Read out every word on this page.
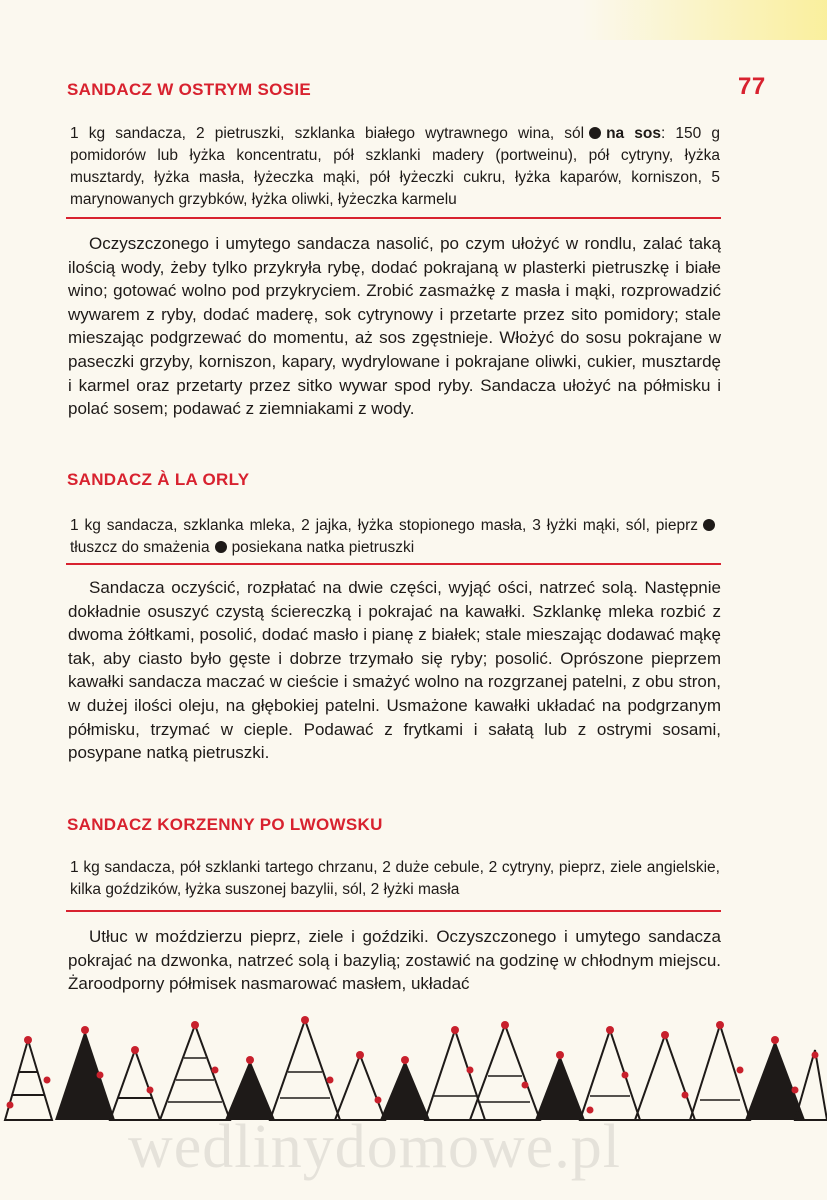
77
SANDACZ W OSTRYM SOSIE
1 kg sandacza, 2 pietruszki, szklanka białego wytrawnego wina, sól na sos: 150 g pomidorów lub łyżka koncentratu, pół szklanki madery (portweinu), pół cytryny, łyżka musztardy, łyżka masła, łyżeczka mąki, pół łyżeczki cukru, łyżka kaparów, korniszon, 5 marynowanych grzybków, łyżka oliwki, łyżeczka karmelu
Oczyszczonego i umytego sandacza nasolić, po czym ułożyć w rondlu, zalać taką ilością wody, żeby tylko przykryła rybę, dodać pokrajaną w plasterki pietruszkę i białe wino; gotować wolno pod przykryciem. Zrobić zasmażkę z masła i mąki, rozprowadzić wywarem z ryby, dodać maderę, sok cytrynowy i przetarte przez sito pomidory; stale mieszając podgrzewać do momentu, aż sos zgęstnieje. Włożyć do sosu pokrajane w paseczki grzyby, korniszon, kapary, wydrylowane i pokrajane oliwki, cukier, musztardę i karmel oraz przetarty przez sitko wywar spod ryby. Sandacza ułożyć na półmisku i polać sosem; podawać z ziemniakami z wody.
SANDACZ À LA ORLY
1 kg sandacza, szklanka mleka, 2 jajka, łyżka stopionego masła, 3 łyżki mąki, sól, pieprztłuszcz do smażenia posiekana natka pietruszki
Sandacza oczyścić, rozpłatać na dwie części, wyjąć ości, natrzeć solą. Następnie dokładnie osuszyć czystą ściereczką i pokrajać na kawałki. Szklankę mleka rozbić z dwoma żółtkami, posolić, dodać masło i pianę z białek; stale mieszając dodawać mąkę tak, aby ciasto było gęste i dobrze trzymało się ryby; posolić. Oprószone pieprzem kawałki sandacza maczać w cieście i smażyć wolno na rozgrzanej patelni, z obu stron, w dużej ilości oleju, na głębokiej patelni. Usmażone kawałki układać na podgrzanym półmisku, trzymać w cieple. Podawać z frytkami i sałatą lub z ostrymi sosami, posypane natką pietruszki.
SANDACZ KORZENNY PO LWOWSKU
1 kg sandacza, pół szklanki tartego chrzanu, 2 duże cebule, 2 cytryny, pieprz, ziele angielskie, kilka goździków, łyżka suszonej bazylii, sól, 2 łyżki masła
Utłuc w moździerzu pieprz, ziele i goździki. Oczyszczonego i umytego sandacza pokrajać na dzwonka, natrzeć solą i bazylią; zostawić na godzinę w chłodnym miejscu. Żaroodporny półmisek nasmarować masłem, układać
wedlinydomowe.pl
